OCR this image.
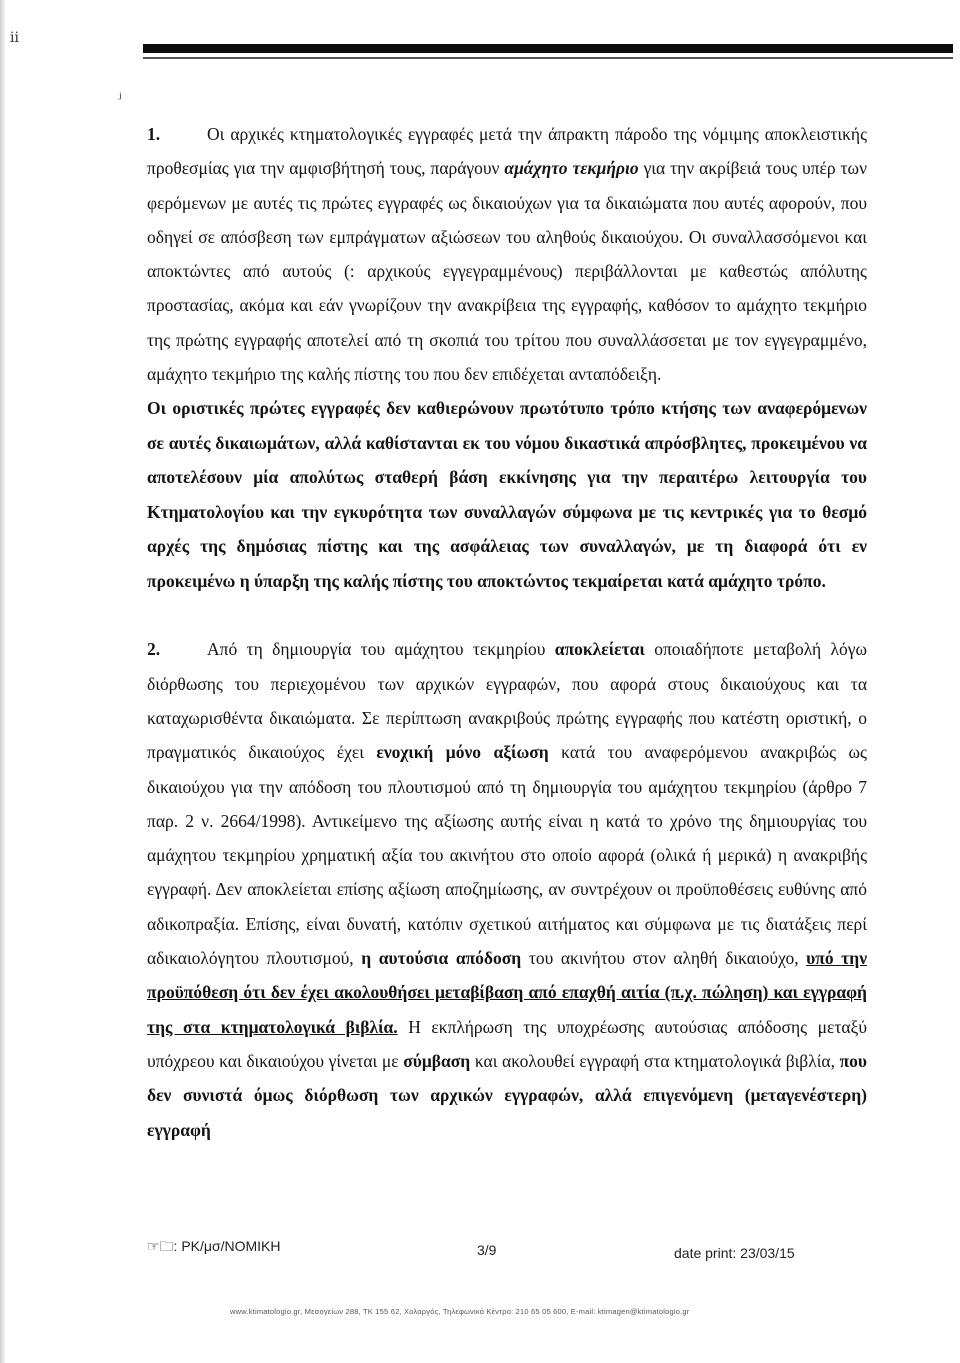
ⅱ
ⱼ

1.	Οι αρχικές κτηματολογικές εγγραφές μετά την άπρακτη πάροδο της νόμιμης αποκλειστικής προθεσμίας για την αμφισβήτησή τους, παράγουν αμάχητο τεκμήριο για την ακρίβειά τους υπέρ των φερόμενων με αυτές τις πρώτες εγγραφές ως δικαιούχων για τα δικαιώματα που αυτές αφορούν, που οδηγεί σε απόσβεση των εμπράγματων αξιώσεων του αληθούς δικαιούχου. Οι συναλλασσόμενοι και αποκτώντες από αυτούς (: αρχικούς εγγεγραμμένους) περιβάλλονται με καθεστώς απόλυτης προστασίας, ακόμα και εάν γνωρίζουν την ανακρίβεια της εγγραφής, καθόσον το αμάχητο τεκμήριο της πρώτης εγγραφής αποτελεί από τη σκοπιά του τρίτου που συναλλάσσεται με τον εγγεγραμμένο, αμάχητο τεκμήριο της καλής πίστης του που δεν επιδέχεται ανταπόδειξη.

Οι οριστικές πρώτες εγγραφές δεν καθιερώνουν πρωτότυπο τρόπο κτήσης των αναφερόμενων σε αυτές δικαιωμάτων, αλλά καθίστανται εκ του νόμου δικαστικά απρόσβλητες, προκειμένου να αποτελέσουν μία απολύτως σταθερή βάση εκκίνησης για την περαιτέρω λειτουργία του Κτηματολογίου και την εγκυρότητα των συναλλαγών σύμφωνα με τις κεντρικές για το θεσμό αρχές της δημόσιας πίστης και της ασφάλειας των συναλλαγών, με τη διαφορά ότι εν προκειμένω η ύπαρξη της καλής πίστης του αποκτώντος τεκμαίρεται κατά αμάχητο τρόπο.

2.	Από τη δημιουργία του αμάχητου τεκμηρίου αποκλείεται οποιαδήποτε μεταβολή λόγω διόρθωσης του περιεχομένου των αρχικών εγγραφών, που αφορά στους δικαιούχους και τα καταχωρισθέντα δικαιώματα. Σε περίπτωση ανακριβούς πρώτης εγγραφής που κατέστη οριστική, ο πραγματικός δικαιούχος έχει ενοχική μόνο αξίωση κατά του αναφερόμενου ανακριβώς ως δικαιούχου για την απόδοση του πλουτισμού από τη δημιουργία του αμάχητου τεκμηρίου (άρθρο 7 παρ. 2 ν. 2664/1998). Αντικείμενο της αξίωσης αυτής είναι η κατά το χρόνο της δημιουργίας του αμάχητου τεκμηρίου χρηματική αξία του ακινήτου στο οποίο αφορά (ολικά ή μερικά) η ανακριβής εγγραφή. Δεν αποκλείεται επίσης αξίωση αποζημίωσης, αν συντρέχουν οι προϋποθέσεις ευθύνης από αδικοπραξία. Επίσης, είναι δυνατή, κατόπιν σχετικού αιτήματος και σύμφωνα με τις διατάξεις περί αδικαιολόγητου πλουτισμού, η αυτούσια απόδοση του ακινήτου στον αληθή δικαιούχο, υπό την προϋπόθεση ότι δεν έχει ακολουθήσει μεταβίβαση από επαχθή αιτία (π.χ. πώληση) και εγγραφή της στα κτηματολογικά βιβλία. Η εκπλήρωση της υποχρέωσης αυτούσιας απόδοσης μεταξύ υπόχρεου και δικαιούχου γίνεται με σύμβαση και ακολουθεί εγγραφή στα κτηματολογικά βιβλία, που δεν συνιστά όμως διόρθωση των αρχικών εγγραφών, αλλά επιγενόμενη (μεταγενέστερη) εγγραφή

☞🗀: ΡΚ/μσ/ΝΟΜΙΚΗ	3/9	date print: 23/03/15
www.ktimatologio.gr, Μεσογείων 288, ΤΚ 155 62, Χολαργός, Τηλεφωνικό Κέντρο: 210 65 05 600, E-mail: ktimagen@ktimatologio.gr
